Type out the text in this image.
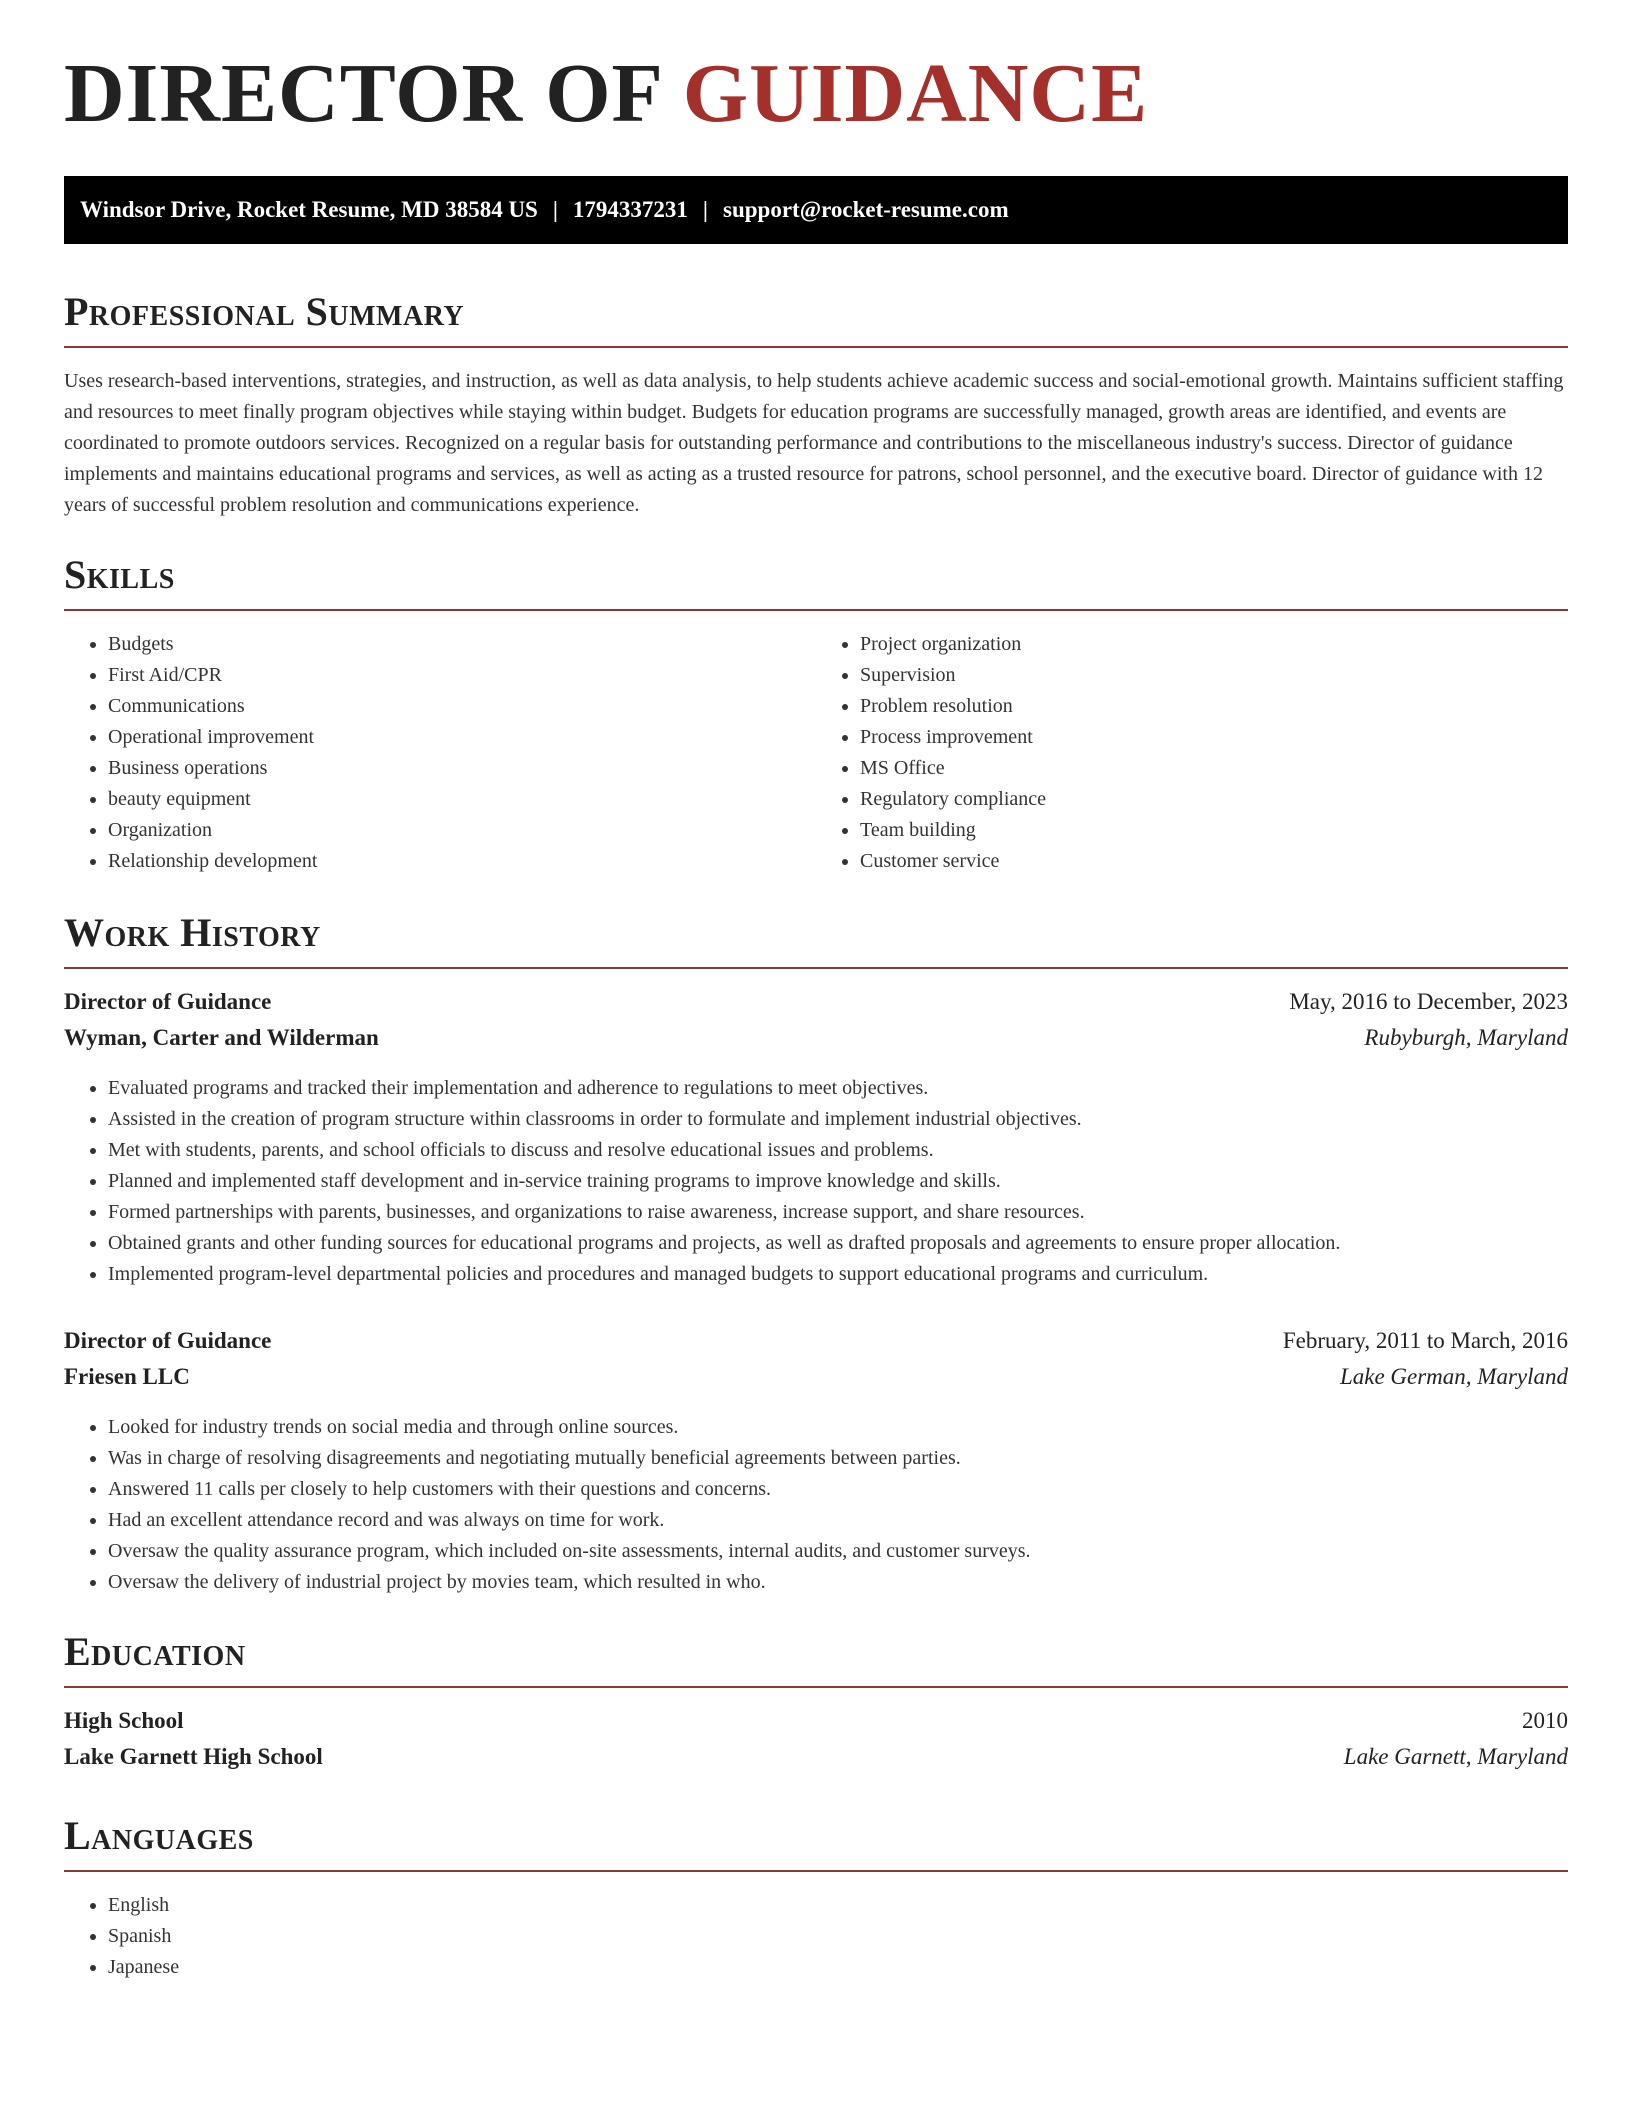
DIRECTOR OF GUIDANCE
Windsor Drive, Rocket Resume, MD 38584 US | 1794337231 | support@rocket-resume.com
Professional Summary

Uses research-based interventions, strategies, and instruction, as well as data analysis, to help students achieve academic success and social-emotional growth. Maintains sufficient staffing and resources to meet finally program objectives while staying within budget. Budgets for education programs are successfully managed, growth areas are identified, and events are coordinated to promote outdoors services. Recognized on a regular basis for outstanding performance and contributions to the miscellaneous industry's success. Director of guidance implements and maintains educational programs and services, as well as acting as a trusted resource for patrons, school personnel, and the executive board. Director of guidance with 12 years of successful problem resolution and communications experience.

Skills
• Budgets
• First Aid/CPR
• Communications
• Operational improvement
• Business operations
• beauty equipment
• Organization
• Relationship development
• Project organization
• Supervision
• Problem resolution
• Process improvement
• MS Office
• Regulatory compliance
• Team building
• Customer service
Work History
Director of Guidance	May, 2016 to December, 2023
Wyman, Carter and Wilderman	Rubyburgh, Maryland
• Evaluated programs and tracked their implementation and adherence to regulations to meet objectives.
• Assisted in the creation of program structure within classrooms in order to formulate and implement industrial objectives.
• Met with students, parents, and school officials to discuss and resolve educational issues and problems.
• Planned and implemented staff development and in-service training programs to improve knowledge and skills.
• Formed partnerships with parents, businesses, and organizations to raise awareness, increase support, and share resources.
• Obtained grants and other funding sources for educational programs and projects, as well as drafted proposals and agreements to ensure proper allocation.
• Implemented program-level departmental policies and procedures and managed budgets to support educational programs and curriculum.
Director of Guidance	February, 2011 to March, 2016
Friesen LLC	Lake German, Maryland
• Looked for industry trends on social media and through online sources.
• Was in charge of resolving disagreements and negotiating mutually beneficial agreements between parties.
• Answered 11 calls per closely to help customers with their questions and concerns.
• Had an excellent attendance record and was always on time for work.
• Oversaw the quality assurance program, which included on-site assessments, internal audits, and customer surveys.
• Oversaw the delivery of industrial project by movies team, which resulted in who.
Education
High School	2010
Lake Garnett High School	Lake Garnett, Maryland
Languages
• English
• Spanish
• Japanese
